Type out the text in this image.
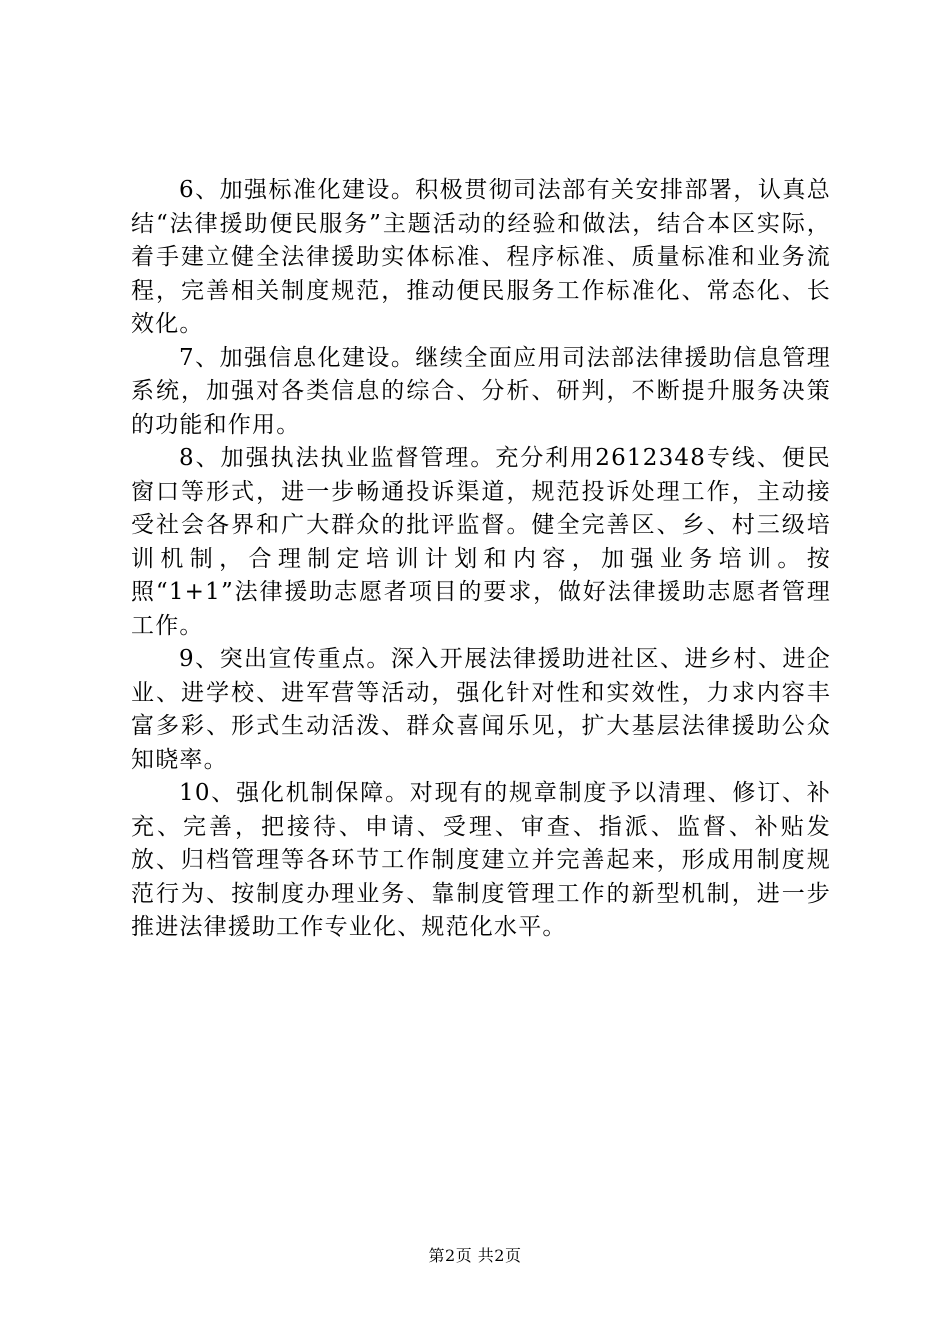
6、加强标准化建设。积极贯彻司法部有关安排部署，认真总结“法律援助便民服务”主题活动的经验和做法，结合本区实际，着手建立健全法律援助实体标准、程序标准、质量标准和业务流程，完善相关制度规范，推动便民服务工作标准化、常态化、长效化。

7、加强信息化建设。继续全面应用司法部法律援助信息管理系统，加强对各类信息的综合、分析、研判，不断提升服务决策的功能和作用。

8、加强执法执业监督管理。充分利用2612348专线、便民窗口等形式，进一步畅通投诉渠道，规范投诉处理工作，主动接受社会各界和广大群众的批评监督。健全完善区、乡、村三级培训机制，合理制定培训计划和内容，加强业务培训。按照“1+1”法律援助志愿者项目的要求，做好法律援助志愿者管理工作。

9、突出宣传重点。深入开展法律援助进社区、进乡村、进企业、进学校、进军营等活动，强化针对性和实效性，力求内容丰富多彩、形式生动活泼、群众喜闻乐见，扩大基层法律援助公众知晓率。

10、强化机制保障。对现有的规章制度予以清理、修订、补充、完善，把接待、申请、受理、审查、指派、监督、补贴发放、归档管理等各环节工作制度建立并完善起来，形成用制度规范行为、按制度办理业务、靠制度管理工作的新型机制，进一步推进法律援助工作专业化、规范化水平。

第2页 共2页
